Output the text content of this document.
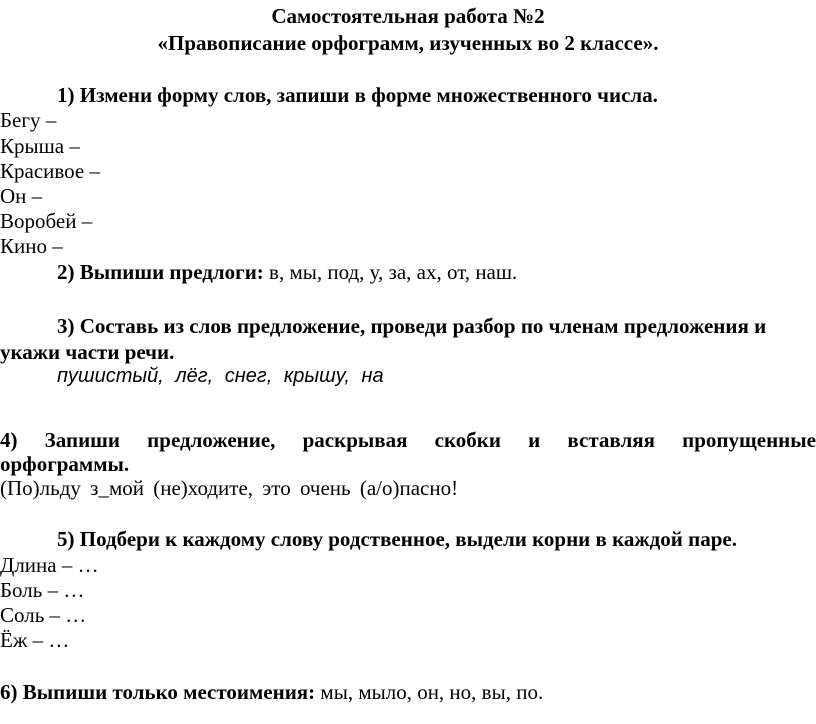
Самостоятельная работа №2
«Правописание орфограмм, изученных во 2 классе».
1) Измени форму слов, запиши в форме множественного числа.
Бегу –
Крыша –
Красивое –
Он –
Воробей –
Кино –
2) Выпиши предлоги: в, мы, под, у, за, ах, от, наш.
3) Составь из слов предложение, проведи разбор по членам предложения и
укажи части речи.
пушистый, лёг, снег, крышу, на
4) Запиши предложение, раскрывая скобки и вставляя пропущенные
орфограммы.
(По)льду з_мой (не)ходите, это очень (а/о)пасно!
5) Подбери к каждому слову родственное, выдели корни в каждой паре.
Длина – …
Боль – …
Соль – …
Ёж – …
6) Выпиши только местоимения: мы, мыло, он, но, вы, по.
